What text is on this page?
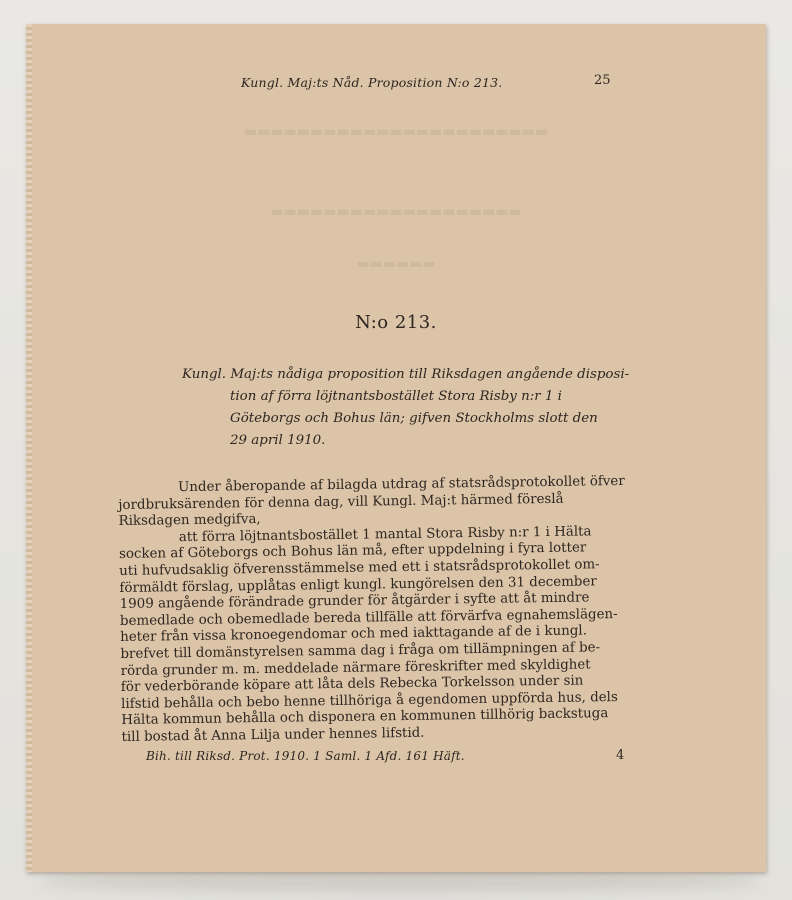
▬▬▬▬▬▬▬▬▬▬▬▬▬▬▬▬▬▬▬▬▬▬▬
▬▬▬▬▬▬▬▬▬▬▬▬▬▬▬▬▬▬▬
▬▬▬▬▬▬
Kungl. Maj:ts Nåd. Proposition N:o 213.	25
N:o 213.
Kungl. Maj:ts nådiga proposition till Riksdagen angående disposi-
tion af förra löjtnantsbostället Stora Risby n:r 1 i
Göteborgs och Bohus län; gifven Stockholms slott den
29 april 1910.
Under åberopande af bilagda utdrag af statsrådsprotokollet öfver
jordbruksärenden för denna dag, vill Kungl. Maj:t härmed föreslå
Riksdagen medgifva,
att förra löjtnantsbostället 1 mantal Stora Risby n:r 1 i Hälta
socken af Göteborgs och Bohus län må, efter uppdelning i fyra lotter
uti hufvudsaklig öfverensstämmelse med ett i statsrådsprotokollet om-
förmäldt förslag, upplåtas enligt kungl. kungörelsen den 31 december
1909 angående förändrade grunder för åtgärder i syfte att åt mindre
bemedlade och obemedlade bereda tillfälle att förvärfva egnahemslägen-
heter från vissa kronoegendomar och med iakttagande af de i kungl.
brefvet till domänstyrelsen samma dag i fråga om tillämpningen af be-
rörda grunder m. m. meddelade närmare föreskrifter med skyldighet
för vederbörande köpare att låta dels Rebecka Torkelsson under sin
lifstid behålla och bebo henne tillhöriga å egendomen uppförda hus, dels
Hälta kommun behålla och disponera en kommunen tillhörig backstuga
till bostad åt Anna Lilja under hennes lifstid.
Bih. till Riksd. Prot. 1910. 1 Saml. 1 Afd. 161 Häft.	4
